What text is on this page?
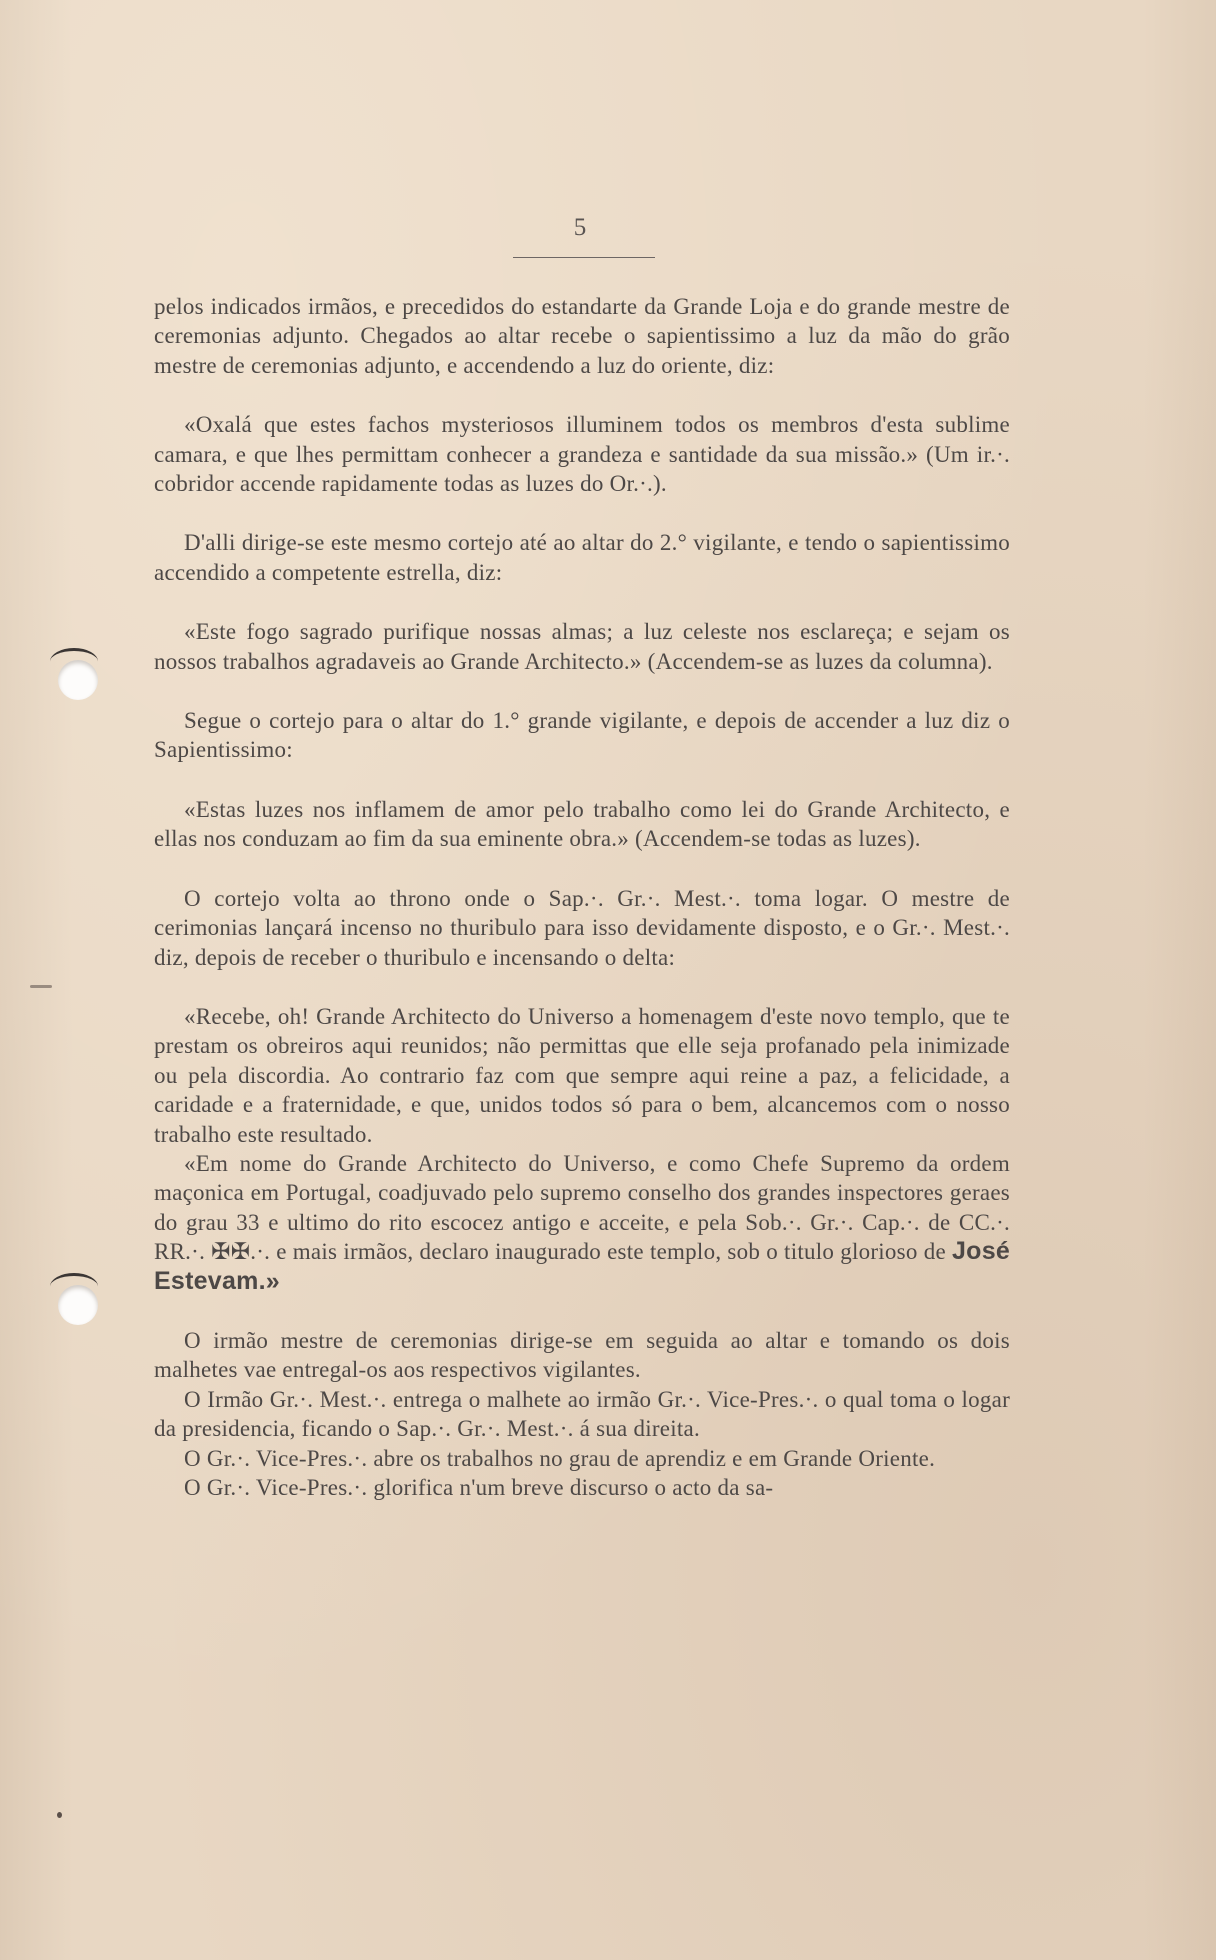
5

pelos indicados irmãos, e precedidos do estandarte da Grande Loja e do grande mestre de ceremonias adjunto. Chegados ao altar recebe o sapientissimo a luz da mão do grão mestre de ceremonias adjunto, e accendendo a luz do oriente, diz:

«Oxalá que estes fachos mysteriosos illuminem todos os membros d'esta sublime camara, e que lhes permittam conhecer a grandeza e santidade da sua missão.» (Um ir.·. cobridor accende rapidamente todas as luzes do Or.·.).

D'alli dirige-se este mesmo cortejo até ao altar do 2.° vigilante, e tendo o sapientissimo accendido a competente estrella, diz:

«Este fogo sagrado purifique nossas almas; a luz celeste nos esclareça; e sejam os nossos trabalhos agradaveis ao Grande Architecto.» (Accendem-se as luzes da columna).

Segue o cortejo para o altar do 1.° grande vigilante, e depois de accender a luz diz o Sapientissimo:

«Estas luzes nos inflamem de amor pelo trabalho como lei do Grande Architecto, e ellas nos conduzam ao fim da sua eminente obra.» (Accendem-se todas as luzes).

O cortejo volta ao throno onde o Sap.·. Gr.·. Mest.·. toma logar. O mestre de cerimonias lançará incenso no thuribulo para isso devidamente disposto, e o Gr.·. Mest.·. diz, depois de receber o thuribulo e incensando o delta:

«Recebe, oh! Grande Architecto do Universo a homenagem d'este novo templo, que te prestam os obreiros aqui reunidos; não permittas que elle seja profanado pela inimizade ou pela discordia. Ao contrario faz com que sempre aqui reine a paz, a felicidade, a caridade e a fraternidade, e que, unidos todos só para o bem, alcancemos com o nosso trabalho este resultado.

«Em nome do Grande Architecto do Universo, e como Chefe Supremo da ordem maçonica em Portugal, coadjuvado pelo supremo conselho dos grandes inspectores geraes do grau 33 e ultimo do rito escocez antigo e acceite, e pela Sob.·. Gr.·. Cap.·. de CC.·. RR.·. ✠✠.·. e mais irmãos, declaro inaugurado este templo, sob o titulo glorioso de José Estevam.»

O irmão mestre de ceremonias dirige-se em seguida ao altar e tomando os dois malhetes vae entregal-os aos respectivos vigilantes.

O Irmão Gr.·. Mest.·. entrega o malhete ao irmão Gr.·. Vice-Pres.·. o qual toma o logar da presidencia, ficando o Sap.·. Gr.·. Mest.·. á sua direita.

O Gr.·. Vice-Pres.·. abre os trabalhos no grau de aprendiz e em Grande Oriente.

O Gr.·. Vice-Pres.·. glorifica n'um breve discurso o acto da sa-
